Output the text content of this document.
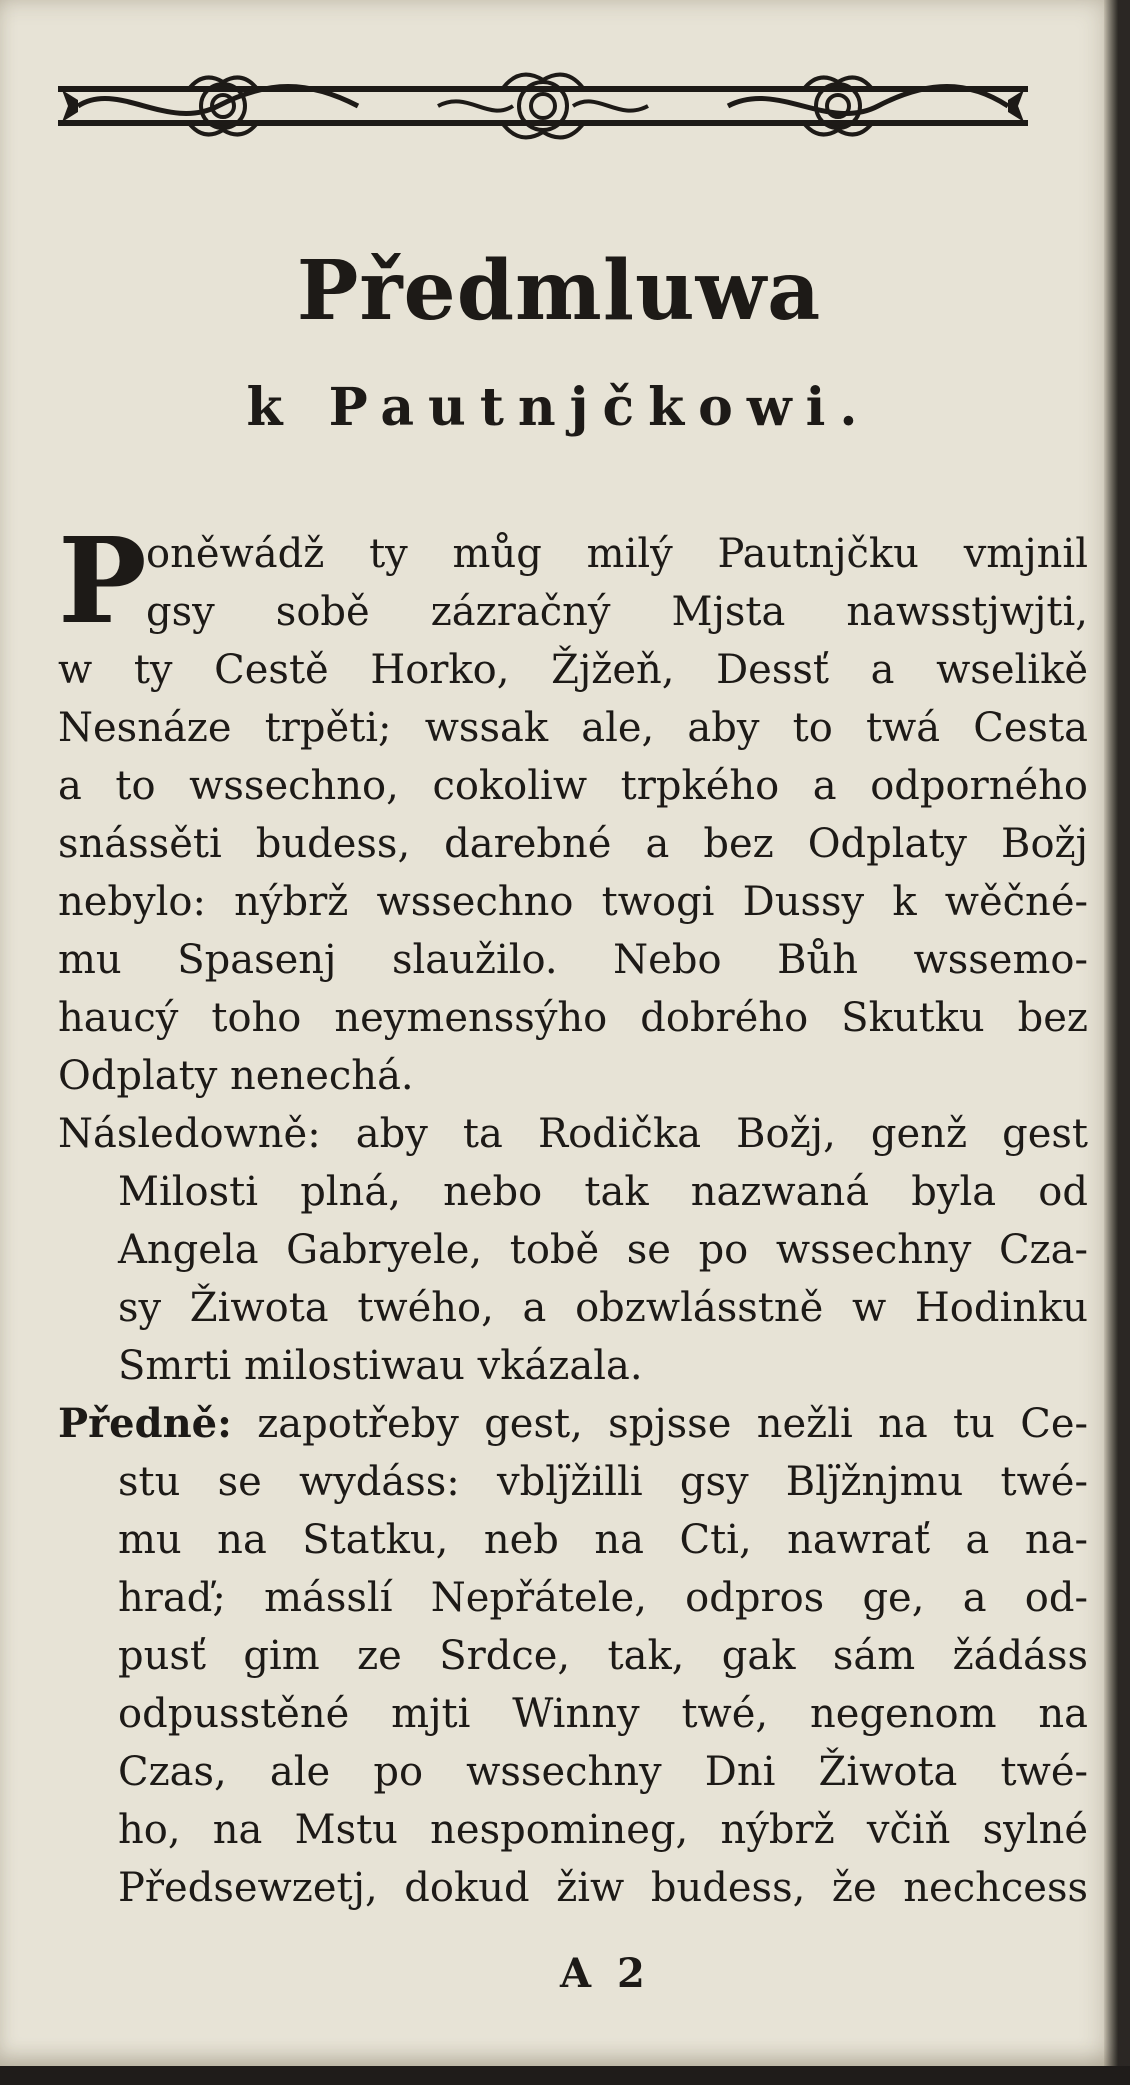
Předmluwa
k Pautnjčkowi.
P oněwádž ty můg milý Pautnjčku vmjnil
gsy sobě zázračný Mjsta nawsstjwjti,
w ty Cestě Horko, Žjžeň, Dessť a wselikě
Nesnáze trpěti; wssak ale, aby to twá Cesta
a to wssechno, cokoliw trpkého a odporného
snássěti budess, darebné a bez Odplaty Božj
nebylo: nýbrž wssechno twogi Dussy k wěčné-
mu Spasenj slaužilo. Nebo Bůh wssemo-
haucý toho neymenssýho dobrého Skutku bez
Odplaty nenechá.
Následowně: aby ta Rodička Božj, genž gest
Milosti plná, nebo tak nazwaná byla od
Angela Gabryele, tobě se po wssechny Cza-
sy Žiwota twého, a obzwlásstně w Hodinku
Smrti milostiwau vkázala.
Předně: zapotřeby gest, spjsse nežli na tu Ce-
stu se wydáss: vblj̈žilli gsy Blj̈žnjmu twé-
mu na Statku, neb na Cti, nawrať a na-
hraď; másslí Nepřátele, odpros ge, a od-
pusť gim ze Srdce, tak, gak sám žádáss
odpusstěné mjti Winny twé, negenom na
Czas, ale po wssechny Dni Žiwota twé-
ho, na Mstu nespomineg, nýbrž včiň sylné
Předsewzetj, dokud žiw budess, že nechcess
A 2
